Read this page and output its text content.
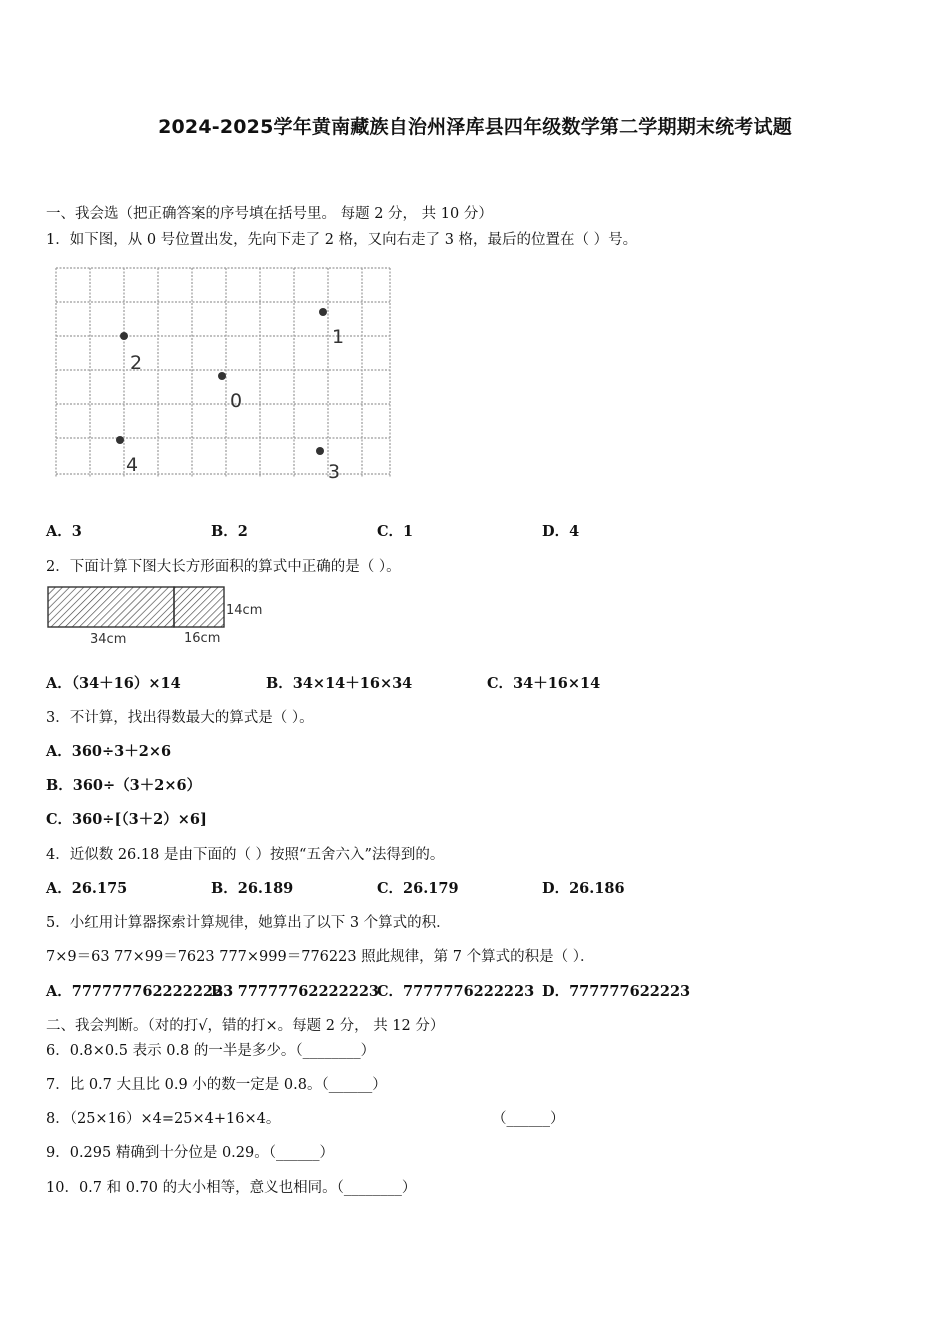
2024-2025学年黄南藏族自治州泽库县四年级数学第二学期期末统考试题
一、我会选（把正确答案的序号填在括号里。 每题 2 分， 共 10 分）
1．如下图，从 0 号位置出发，先向下走了 2 格，又向右走了 3 格，最后的位置在（ ）号。
2
1
0
4	3
A．3	B．2	C．1	D．4
2．下面计算下图大长方形面积的算式中正确的是（ ）。
14cm
34cm	16cm
A．（34＋16）×14	B．34×14＋16×34	C．34＋16×14
3．不计算，找出得数最大的算式是（ ）。
A．360÷3＋2×6
B．360÷（3＋2×6）
C．360÷[（3＋2）×6]
4．近似数 26.18 是由下面的（ ）按照“五舍六入”法得到的。
A．26.175	B．26.189	C．26.179	D．26.186
5．小红用计算器探索计算规律，她算出了以下 3 个算式的积．
7×9＝63 77×99＝7623 777×999＝776223 照此规律，第 7 个算式的积是（ ）．
A．7777777622222223
B．77777762222223
C．7777776222223 D．777777622223
二、我会判断。（对的打√，错的打×。每题 2 分， 共 12 分）
6．0.8×0.5 表示 0.8 的一半是多少。（________）
7．比 0.7 大且比 0.9 小的数一定是 0.8。（______）
8．（25×16）×4=25×4+16×4。	（______）
9．0.295 精确到十分位是 0.29。（______）
10．0.7 和 0.70 的大小相等，意义也相同。（________）
